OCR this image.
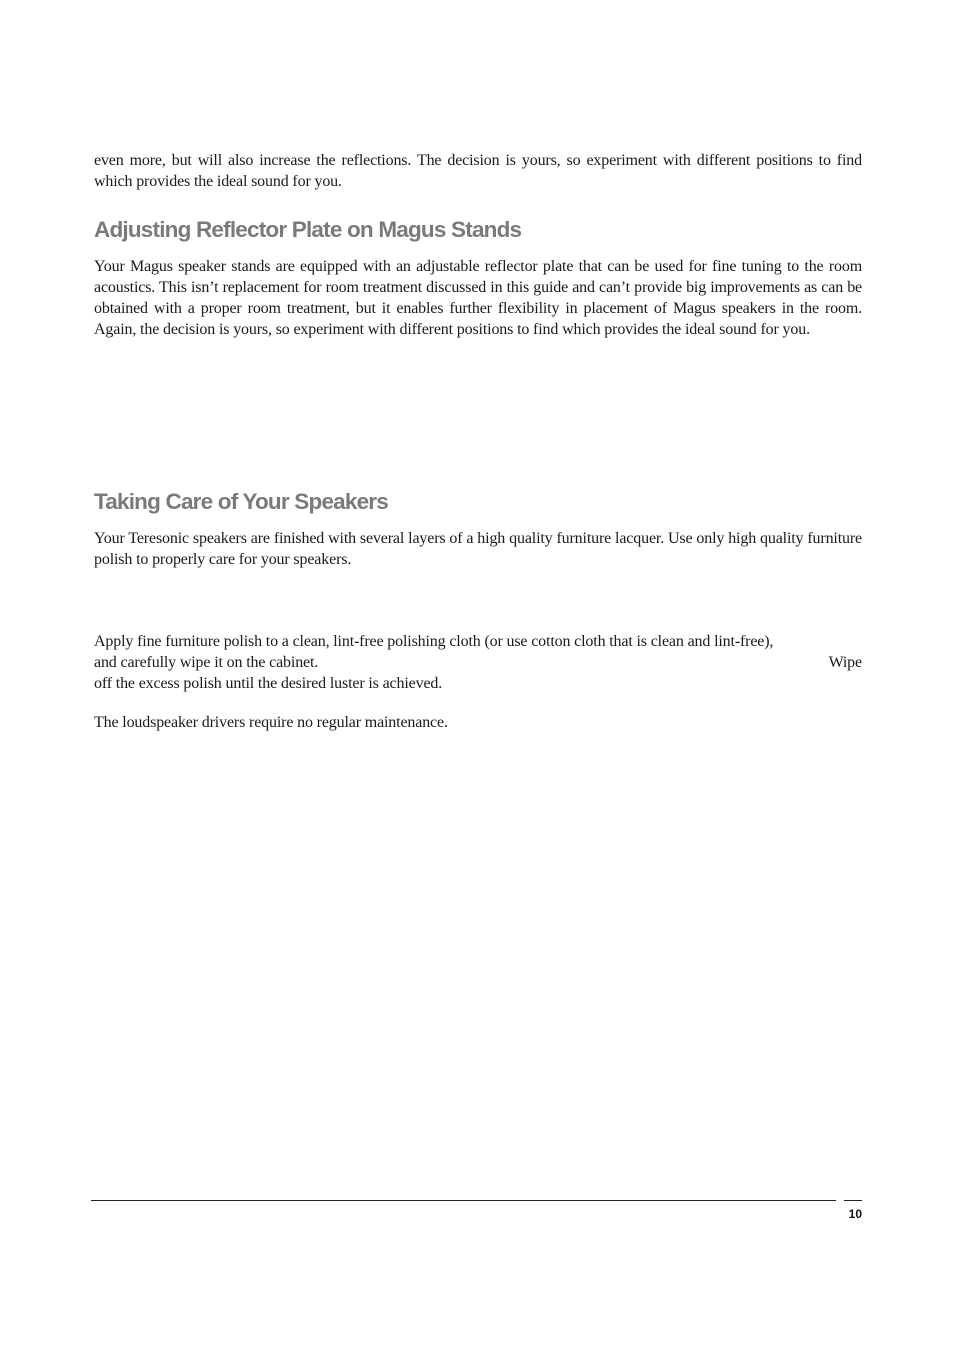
even more, but will also increase the reflections. The decision is yours, so experiment with different positions to find which provides the ideal sound for you.

Adjusting Reflector Plate on Magus Stands

Your Magus speaker stands are equipped with an adjustable reflector plate that can be used for fine tuning to the room acoustics. This isn’t replacement for room treatment discussed in this guide and can’t provide big improvements as can be obtained with a proper room treatment, but it enables further flexibility in placement of Magus speakers in the room. Again, the decision is yours, so experiment with different positions to find which provides the ideal sound for you.

Taking Care of Your Speakers

Your Teresonic speakers are finished with several layers of a high quality furniture lacquer. Use only high quality furniture polish to properly care for your speakers.

Apply fine furniture polish to a clean, lint-free polishing cloth (or use cotton cloth that is clean and lint-free),
and carefully wipe it on the cabinet.	Wipe
off the excess polish until the desired luster is achieved.

The loudspeaker drivers require no regular maintenance.

10
